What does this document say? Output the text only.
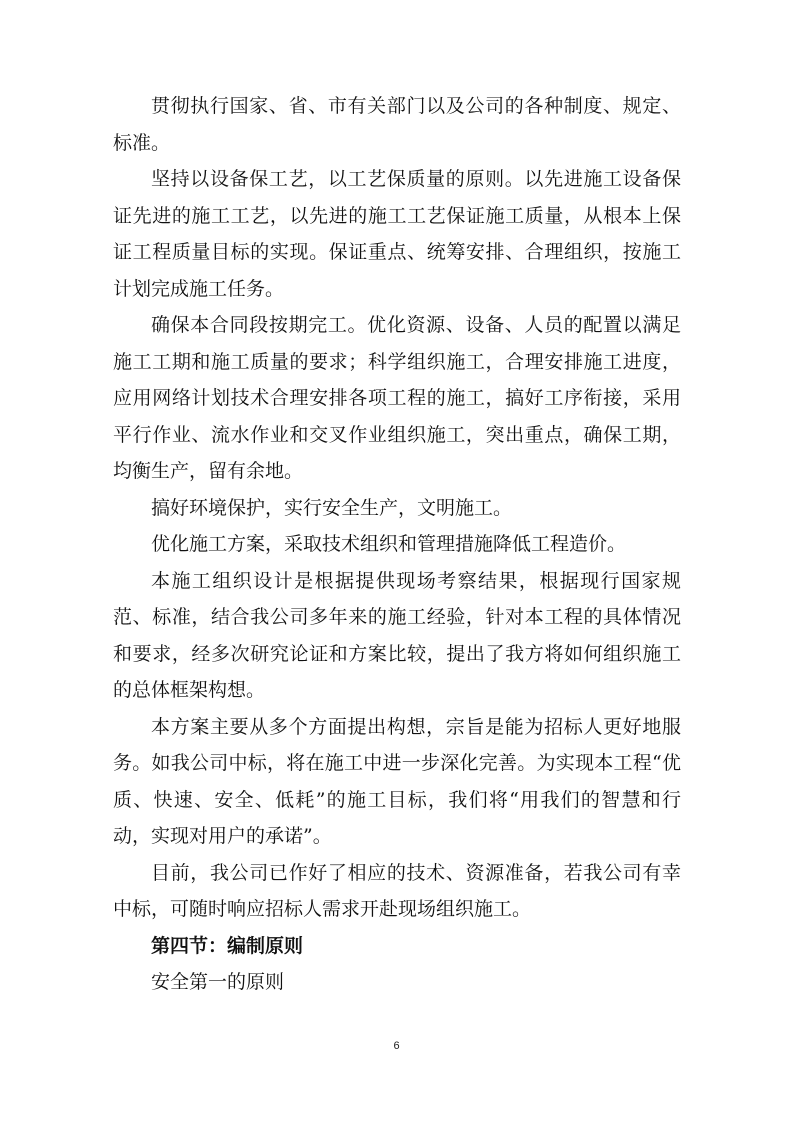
贯彻执行国家、省、市有关部门以及公司的各种制度、规定、标准。

坚持以设备保工艺，以工艺保质量的原则。以先进施工设备保证先进的施工工艺，以先进的施工工艺保证施工质量，从根本上保证工程质量目标的实现。保证重点、统筹安排、合理组织，按施工计划完成施工任务。

确保本合同段按期完工。优化资源、设备、人员的配置以满足施工工期和施工质量的要求；科学组织施工，合理安排施工进度，应用网络计划技术合理安排各项工程的施工，搞好工序衔接，采用平行作业、流水作业和交叉作业组织施工，突出重点，确保工期，均衡生产，留有余地。

搞好环境保护，实行安全生产，文明施工。

优化施工方案，采取技术组织和管理措施降低工程造价。

本施工组织设计是根据提供现场考察结果，根据现行国家规范、标准，结合我公司多年来的施工经验，针对本工程的具体情况和要求，经多次研究论证和方案比较，提出了我方将如何组织施工的总体框架构想。

本方案主要从多个方面提出构想，宗旨是能为招标人更好地服务。如我公司中标，将在施工中进一步深化完善。为实现本工程“优质、快速、安全、低耗”的施工目标，我们将“用我们的智慧和行动，实现对用户的承诺”。

目前，我公司已作好了相应的技术、资源准备，若我公司有幸中标，可随时响应招标人需求开赴现场组织施工。

第四节：编制原则

安全第一的原则

6
